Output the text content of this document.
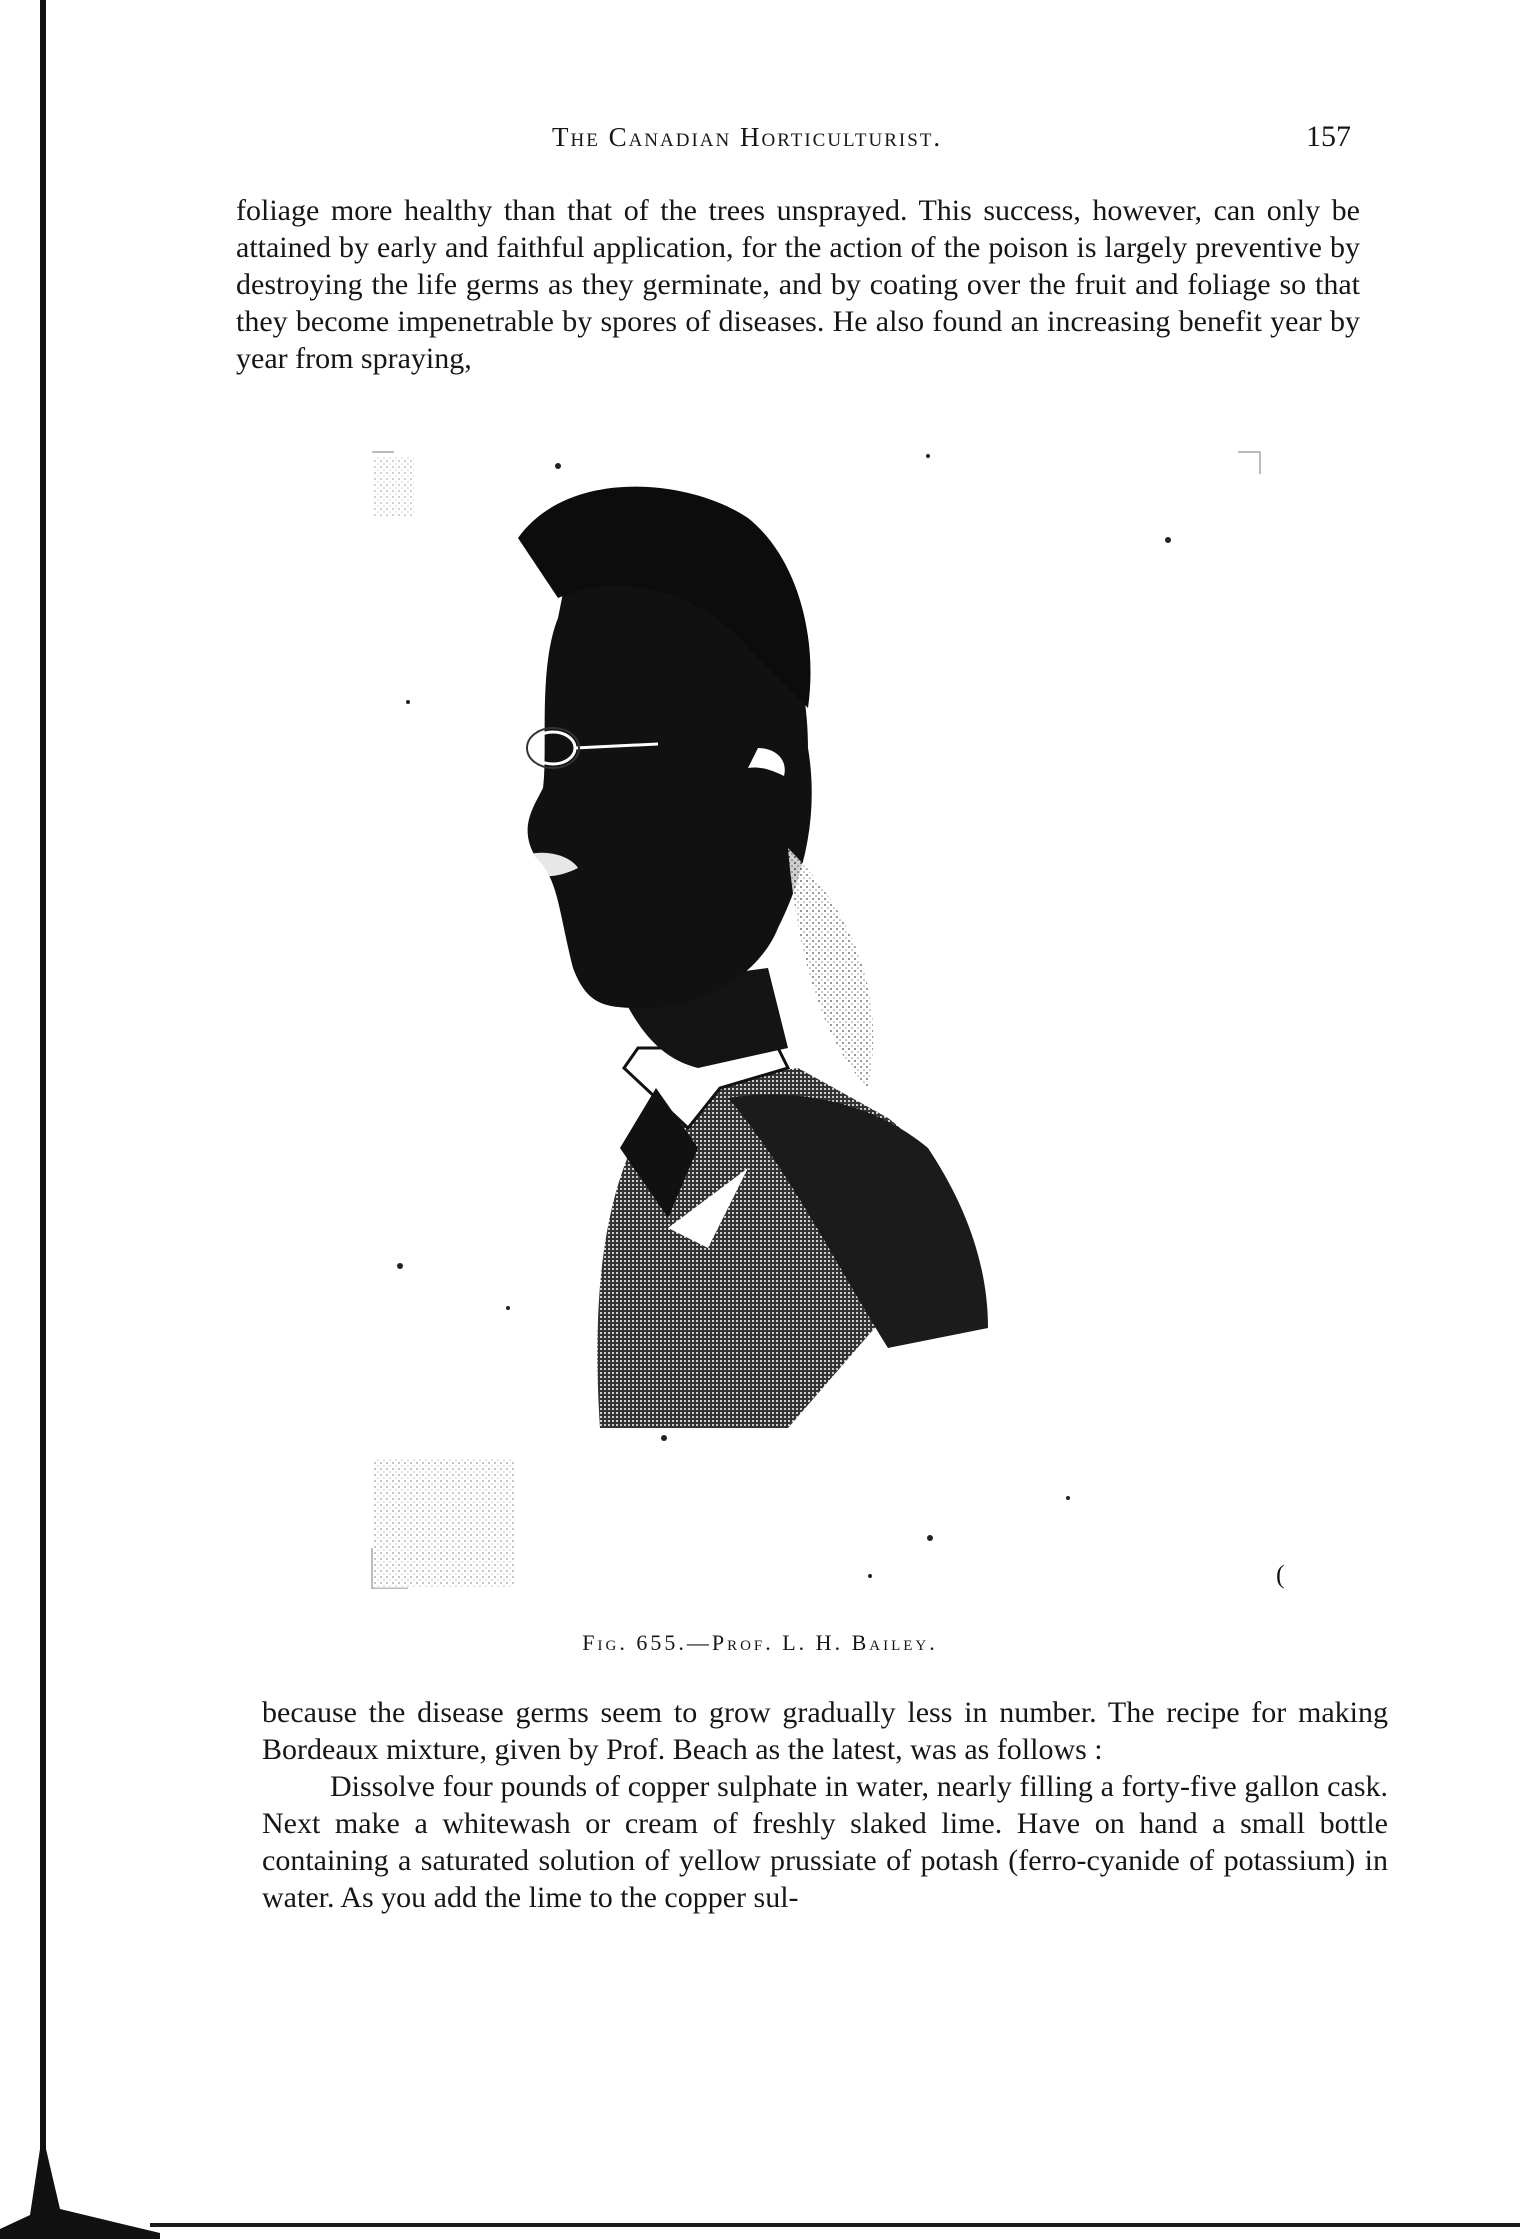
The Canadian Horticulturist.	157

foliage more healthy than that of the trees unsprayed. This success, however, can only be attained by early and faithful application, for the action of the poison is largely preventive by destroying the life germs as they germinate, and by coating over the fruit and foliage so that they become impenetrable by spores of diseases. He also found an increasing benefit year by year from spraying,

(
Fig. 655.—Prof. L. H. Bailey.

because the disease germs seem to grow gradually less in number. The recipe for making Bordeaux mixture, given by Prof. Beach as the latest, was as follows :

Dissolve four pounds of copper sulphate in water, nearly filling a forty-five gallon cask. Next make a whitewash or cream of freshly slaked lime. Have on hand a small bottle containing a saturated solution of yellow prussiate of potash (ferro-cyanide of potassium) in water. As you add the lime to the copper sul-
